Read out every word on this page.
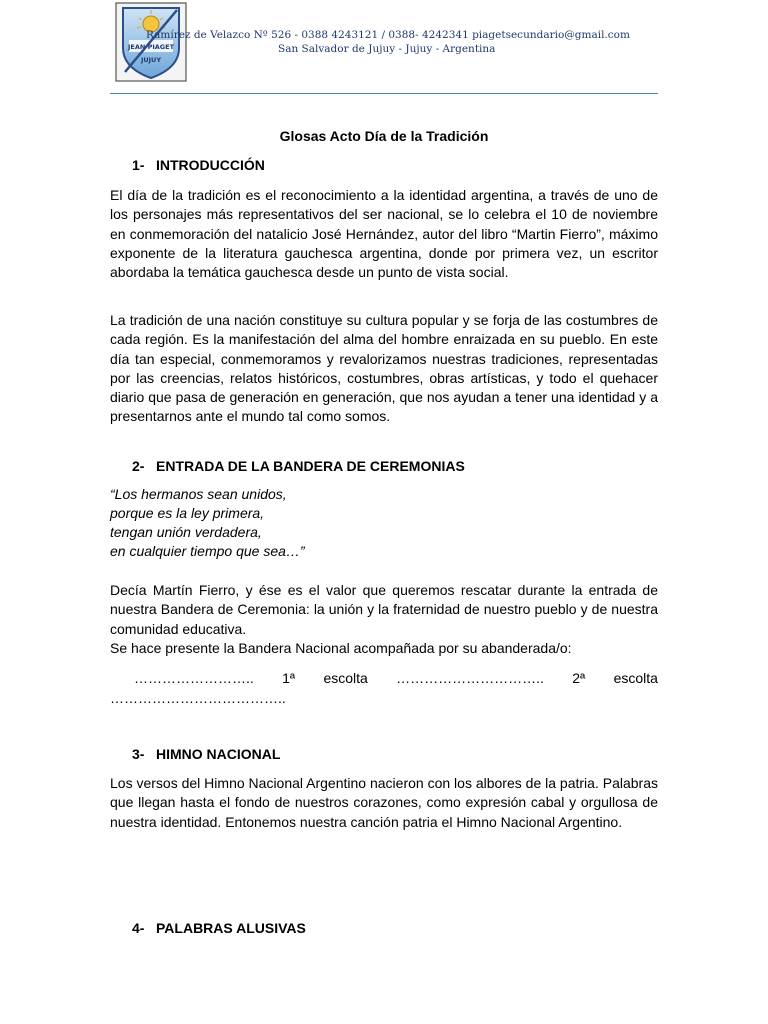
JEAN PIAGET
JUJUY
Ramírez de Velazco Nº 526 - 0388 4243121 / 0388- 4242341 piagetsecundario@gmail.com
San Salvador de Jujuy - Jujuy - Argentina
Glosas Acto Día de la Tradición
1- INTRODUCCIÓN
El día de la tradición es el reconocimiento a la identidad argentina, a través de uno de los personajes más representativos del ser nacional, se lo celebra el 10 de noviembre en conmemoración del natalicio José Hernández, autor del libro “Martin Fierro”, máximo exponente de la literatura gauchesca argentina, donde por primera vez, un escritor abordaba la temática gauchesca desde un punto de vista social.
La tradición de una nación constituye su cultura popular y se forja de las costumbres de cada región. Es la manifestación del alma del hombre enraizada en su pueblo. En este día tan especial, conmemoramos y revalorizamos nuestras tradiciones, representadas por las creencias, relatos históricos, costumbres, obras artísticas, y todo el quehacer diario que pasa de generación en generación, que nos ayudan a tener una identidad y a presentarnos ante el mundo tal como somos.
2- ENTRADA DE LA BANDERA DE CEREMONIAS
“Los hermanos sean unidos,
porque es la ley primera,
tengan unión verdadera,
en cualquier tiempo que sea…”
Decía Martín Fierro, y ése es el valor que queremos rescatar durante la entrada de nuestra Bandera de Ceremonia: la unión y la fraternidad de nuestro pueblo y de nuestra comunidad educativa.
Se hace presente la Bandera Nacional acompañada por su abanderada/o:
…………………….. 1ª escolta ………………………….. 2ª escolta
………………………………..
3- HIMNO NACIONAL
Los versos del Himno Nacional Argentino nacieron con los albores de la patria. Palabras que llegan hasta el fondo de nuestros corazones, como expresión cabal y orgullosa de nuestra identidad. Entonemos nuestra canción patria el Himno Nacional Argentino.
4- PALABRAS ALUSIVAS
